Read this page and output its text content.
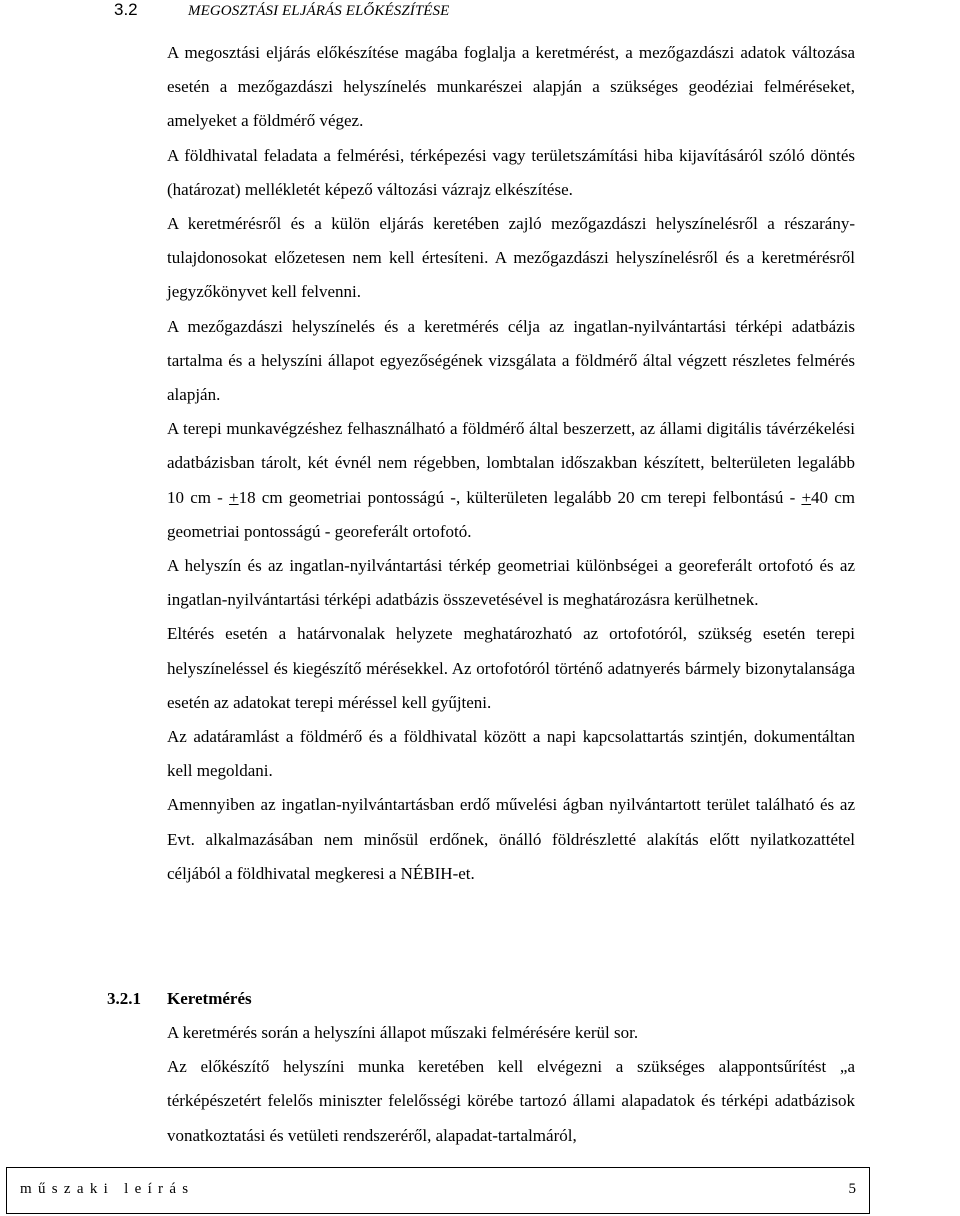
3.2	MEGOSZTÁSI ELJÁRÁS ELŐKÉSZÍTÉSE

A megosztási eljárás előkészítése magába foglalja a keretmérést, a mezőgazdászi adatok változása esetén a mezőgazdászi helyszínelés munkarészei alapján a szükséges geodéziai felméréseket, amelyeket a földmérő végez.

A földhivatal feladata a felmérési, térképezési vagy területszámítási hiba kijavításáról szóló döntés (határozat) mellékletét képező változási vázrajz elkészítése.

A keretmérésről és a külön eljárás keretében zajló mezőgazdászi helyszínelésről a részarány-tulajdonosokat előzetesen nem kell értesíteni. A mezőgazdászi helyszínelésről és a keretmérésről jegyzőkönyvet kell felvenni.

A mezőgazdászi helyszínelés és a keretmérés célja az ingatlan-nyilvántartási térképi adatbázis tartalma és a helyszíni állapot egyezőségének vizsgálata a földmérő által végzett részletes felmérés alapján.

A terepi munkavégzéshez felhasználható a földmérő által beszerzett, az állami digitális távérzékelési adatbázisban tárolt, két évnél nem régebben, lombtalan időszakban készített, belterületen legalább 10 cm - +18 cm geometriai pontosságú -, külterületen legalább 20 cm terepi felbontású - +40 cm geometriai pontosságú - georeferált ortofotó.

A helyszín és az ingatlan-nyilvántartási térkép geometriai különbségei a georeferált ortofotó és az ingatlan-nyilvántartási térképi adatbázis összevetésével is meghatározásra kerülhetnek.

Eltérés esetén a határvonalak helyzete meghatározható az ortofotóról, szükség esetén terepi helyszíneléssel és kiegészítő mérésekkel. Az ortofotóról történő adatnyerés bármely bizonytalansága esetén az adatokat terepi méréssel kell gyűjteni.

Az adatáramlást a földmérő és a földhivatal között a napi kapcsolattartás szintjén, dokumentáltan kell megoldani.

Amennyiben az ingatlan-nyilvántartásban erdő művelési ágban nyilvántartott terület található és az Evt. alkalmazásában nem minősül erdőnek, önálló földrészletté alakítás előtt nyilatkozattétel céljából a földhivatal megkeresi a NÉBIH-et.

3.2.1 Keretmérés

A keretmérés során a helyszíni állapot műszaki felmérésére kerül sor.

Az előkészítő helyszíni munka keretében kell elvégezni a szükséges alappontsűrítést „a térképészetért felelős miniszter felelősségi körébe tartozó állami alapadatok és térképi adatbázisok vonatkoztatási és vetületi rendszeréről, alapadat-tartalmáról,

műszaki leírás	5
